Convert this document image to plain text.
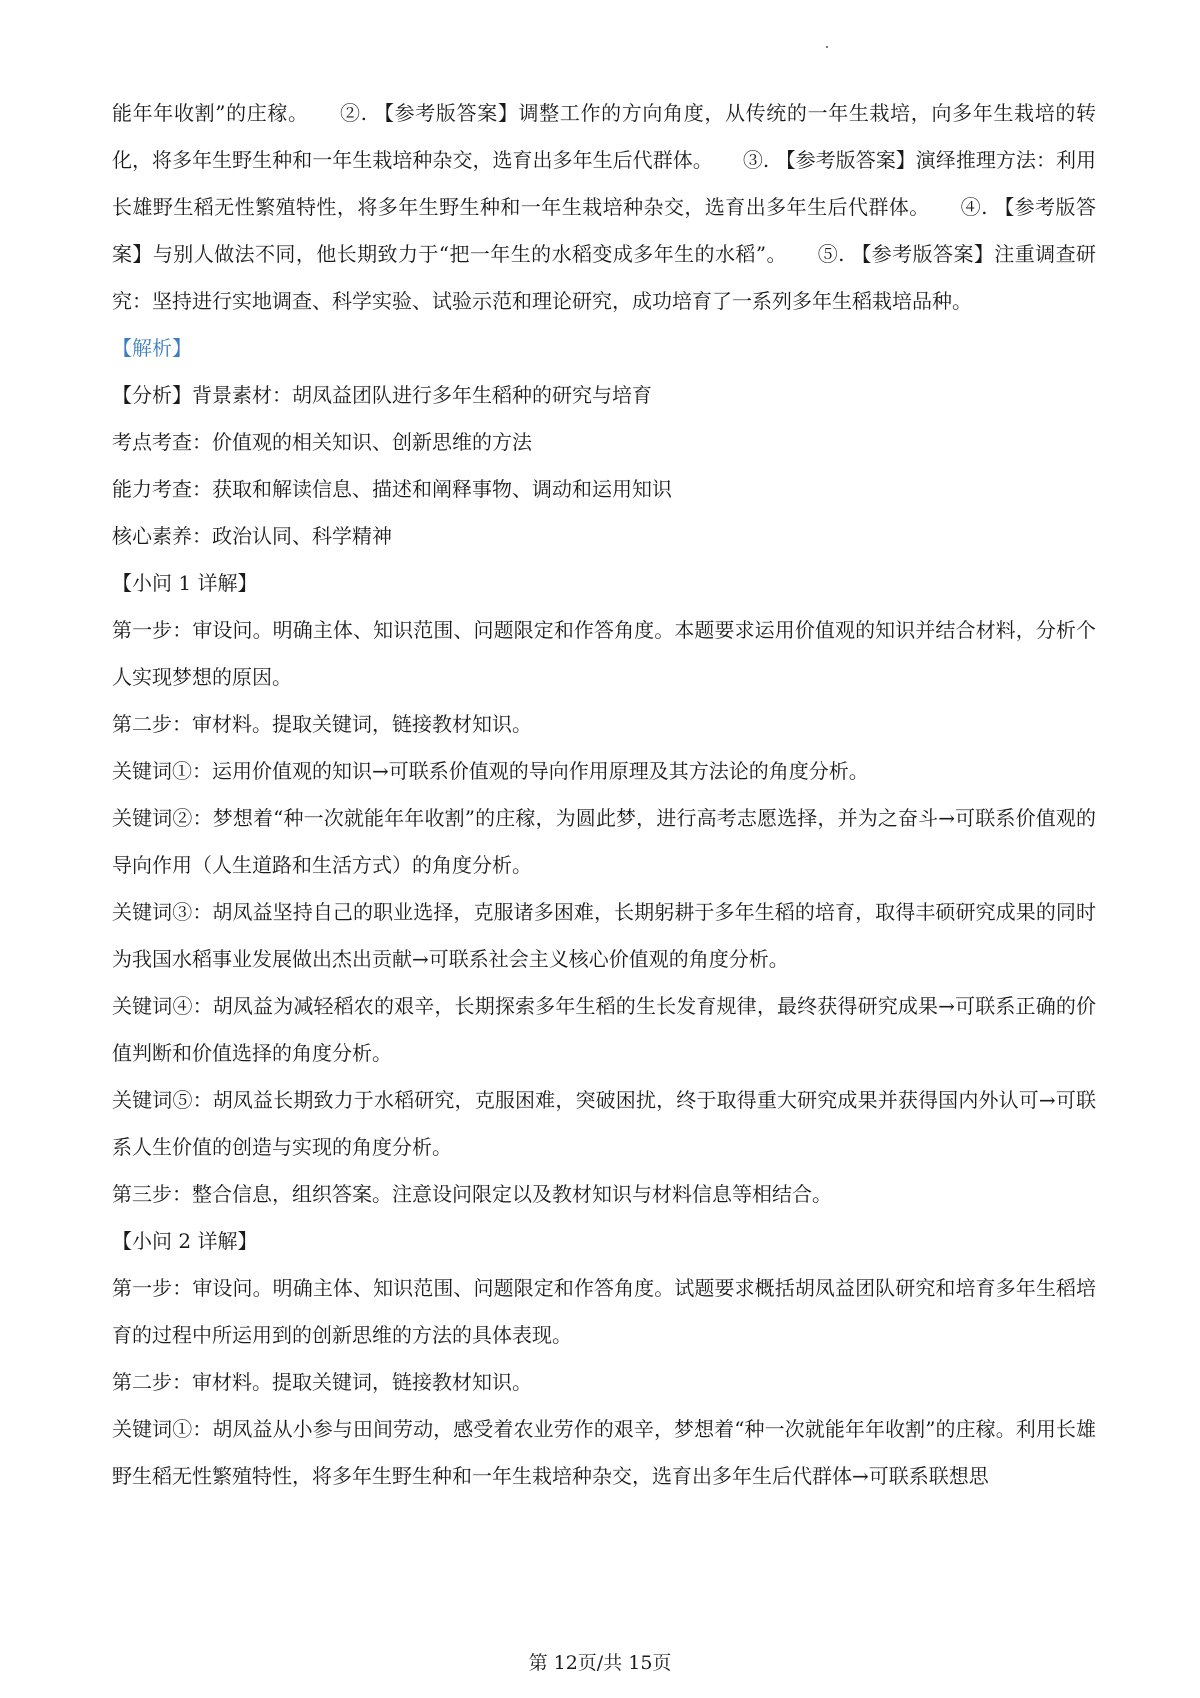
能年年收割”的庄稼。　　②. 【参考版答案】调整工作的方向角度，从传统的一年生栽培，向多年生栽培的转化，将多年生野生种和一年生栽培种杂交，选育出多年生后代群体。　　③. 【参考版答案】演绎推理方法：利用长雄野生稻无性繁殖特性，将多年生野生种和一年生栽培种杂交，选育出多年生后代群体。　　④. 【参考版答案】与别人做法不同，他长期致力于“把一年生的水稻变成多年生的水稻”。　　⑤. 【参考版答案】注重调查研究：坚持进行实地调查、科学实验、试验示范和理论研究，成功培育了一系列多年生稻栽培品种。

【解析】

【分析】背景素材：胡凤益团队进行多年生稻种的研究与培育

考点考查：价值观的相关知识、创新思维的方法

能力考查：获取和解读信息、描述和阐释事物、调动和运用知识

核心素养：政治认同、科学精神

【小问 1 详解】

第一步：审设问。明确主体、知识范围、问题限定和作答角度。本题要求运用价值观的知识并结合材料，分析个人实现梦想的原因。

第二步：审材料。提取关键词，链接教材知识。

关键词①：运用价值观的知识→可联系价值观的导向作用原理及其方法论的角度分析。

关键词②：梦想着“种一次就能年年收割”的庄稼，为圆此梦，进行高考志愿选择，并为之奋斗→可联系价值观的导向作用（人生道路和生活方式）的角度分析。

关键词③：胡凤益坚持自己的职业选择，克服诸多困难，长期躬耕于多年生稻的培育，取得丰硕研究成果的同时为我国水稻事业发展做出杰出贡献→可联系社会主义核心价值观的角度分析。

关键词④：胡凤益为减轻稻农的艰辛，长期探索多年生稻的生长发育规律，最终获得研究成果→可联系正确的价值判断和价值选择的角度分析。

关键词⑤：胡凤益长期致力于水稻研究，克服困难，突破困扰，终于取得重大研究成果并获得国内外认可→可联系人生价值的创造与实现的角度分析。

第三步：整合信息，组织答案。注意设问限定以及教材知识与材料信息等相结合。

【小问 2 详解】

第一步：审设问。明确主体、知识范围、问题限定和作答角度。试题要求概括胡凤益团队研究和培育多年生稻培育的过程中所运用到的创新思维的方法的具体表现。

第二步：审材料。提取关键词，链接教材知识。

关键词①：胡凤益从小参与田间劳动，感受着农业劳作的艰辛，梦想着“种一次就能年年收割”的庄稼。利用长雄野生稻无性繁殖特性，将多年生野生种和一年生栽培种杂交，选育出多年生后代群体→可联系联想思

第 12页/共 15页
